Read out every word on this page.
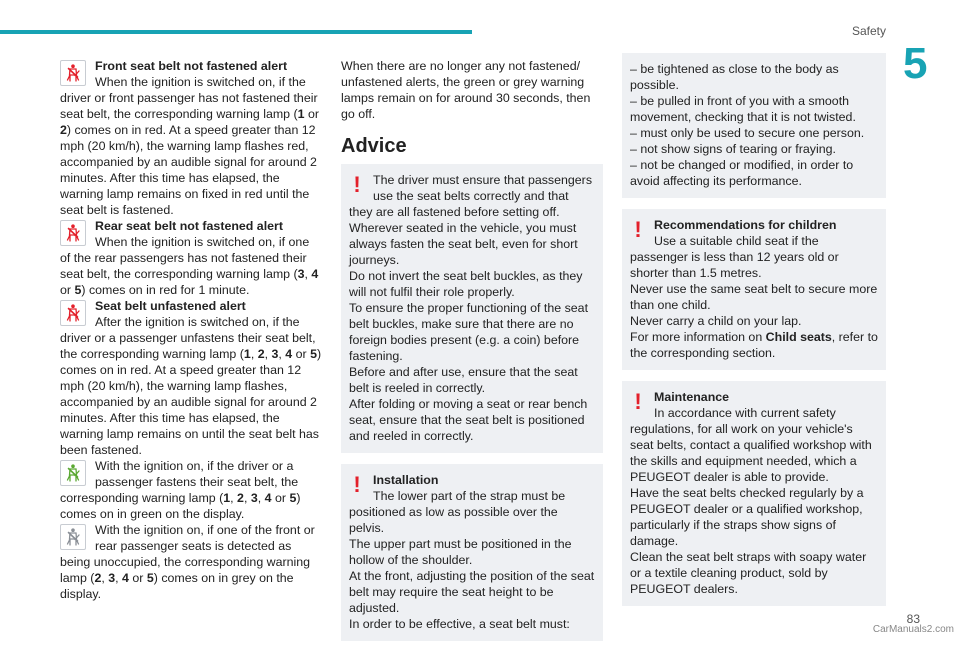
Safety
5

Front seat belt not fastened alert

When the ignition is switched on, if the driver or front passenger has not fastened their seat belt, the corresponding warning lamp (1 or 2) comes on in red. At a speed greater than 12 mph (20 km/h), the warning lamp flashes red, accompanied by an audible signal for around 2 minutes. After this time has elapsed, the warning lamp remains on fixed in red until the seat belt is fastened.

Rear seat belt not fastened alert

When the ignition is switched on, if one of the rear passengers has not fastened their seat belt, the corresponding warning lamp (3, 4 or 5) comes on in red for 1 minute.

Seat belt unfastened alert

After the ignition is switched on, if the driver or a passenger unfastens their seat belt, the corresponding warning lamp (1, 2, 3, 4 or 5) comes on in red. At a speed greater than 12 mph (20 km/h), the warning lamp flashes, accompanied by an audible signal for around 2 minutes. After this time has elapsed, the warning lamp remains on until the seat belt has been fastened.

With the ignition on, if the driver or a passenger fastens their seat belt, the corresponding warning lamp (1, 2, 3, 4 or 5) comes on in green on the display.

With the ignition on, if one of the front or rear passenger seats is detected as being unoccupied, the corresponding warning lamp (2, 3, 4 or 5) comes on in grey on the display.

When there are no longer any not fastened/ unfastened alerts, the green or grey warning lamps remain on for around 30 seconds, then go off.

Advice
! The driver must ensure that passengers use the seat belts correctly and that they are all fastened before setting off.

Wherever seated in the vehicle, you must always fasten the seat belt, even for short journeys.

Do not invert the seat belt buckles, as they will not fulfil their role properly.

To ensure the proper functioning of the seat belt buckles, make sure that there are no foreign bodies present (e.g. a coin) before fastening.

Before and after use, ensure that the seat belt is reeled in correctly.

After folding or moving a seat or rear bench seat, ensure that the seat belt is positioned and reeled in correctly.

! Installation

The lower part of the strap must be positioned as low as possible over the pelvis.

The upper part must be positioned in the hollow of the shoulder.

At the front, adjusting the position of the seat belt may require the seat height to be adjusted.

In order to be effective, a seat belt must:

– be tightened as close to the body as possible.

– be pulled in front of you with a smooth movement, checking that it is not twisted.

– must only be used to secure one person.

– not show signs of tearing or fraying.

– not be changed or modified, in order to avoid affecting its performance.

! Recommendations for children

Use a suitable child seat if the passenger is less than 12 years old or shorter than 1.5 metres.

Never use the same seat belt to secure more than one child.

Never carry a child on your lap.

For more information on Child seats, refer to the corresponding section.

! Maintenance

In accordance with current safety regulations, for all work on your vehicle's seat belts, contact a qualified workshop with the skills and equipment needed, which a PEUGEOT dealer is able to provide.

Have the seat belts checked regularly by a PEUGEOT dealer or a qualified workshop, particularly if the straps show signs of damage.

Clean the seat belt straps with soapy water or a textile cleaning product, sold by PEUGEOT dealers.

83
CarManuals2.com
